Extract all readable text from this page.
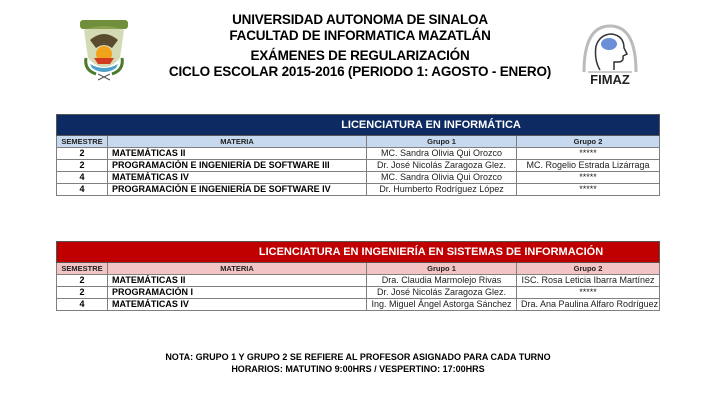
UNIVERSIDAD AUTONOMA DE SINALOA
FACULTAD DE INFORMATICA MAZATLÁN
EXÁMENES DE REGULARIZACIÓN
CICLO ESCOLAR 2015-2016 (PERIODO 1: AGOSTO - ENERO)
FIMAZ
LICENCIATURA EN INFORMÁTICA			
SEMESTRE	MATERIA	Grupo 1	Grupo 2
2	MATEMÁTICAS II	MC. Sandra Olivia Qui Orozco	*****
2	PROGRAMACIÓN E INGENIERÍA DE SOFTWARE III	Dr. José Nicolás Zaragoza Glez.	MC. Rogelio Estrada Lizárraga
4	MATEMÁTICAS IV	MC. Sandra Olivia Qui Orozco	*****
4	PROGRAMACIÓN E INGENIERÍA DE SOFTWARE IV	Dr. Humberto Rodríguez López	*****
LICENCIATURA EN INGENIERÍA EN SISTEMAS DE INFORMACIÓN			
SEMESTRE	MATERIA	Grupo 1	Grupo 2
2	MATEMÁTICAS II	Dra. Claudia Marmolejo Rivas	ISC. Rosa Leticia Ibarra Martínez
2	PROGRAMACIÓN I	Dr. José Nicolás Zaragoza Glez.	*****
4	MATEMÁTICAS IV	Ing. Miguel Ángel Astorga Sánchez	Dra. Ana Paulina Alfaro Rodríguez
NOTA: GRUPO 1 Y GRUPO 2 SE REFIERE AL PROFESOR ASIGNADO PARA CADA TURNO
HORARIOS: MATUTINO 9:00HRS / VESPERTINO: 17:00HRS
